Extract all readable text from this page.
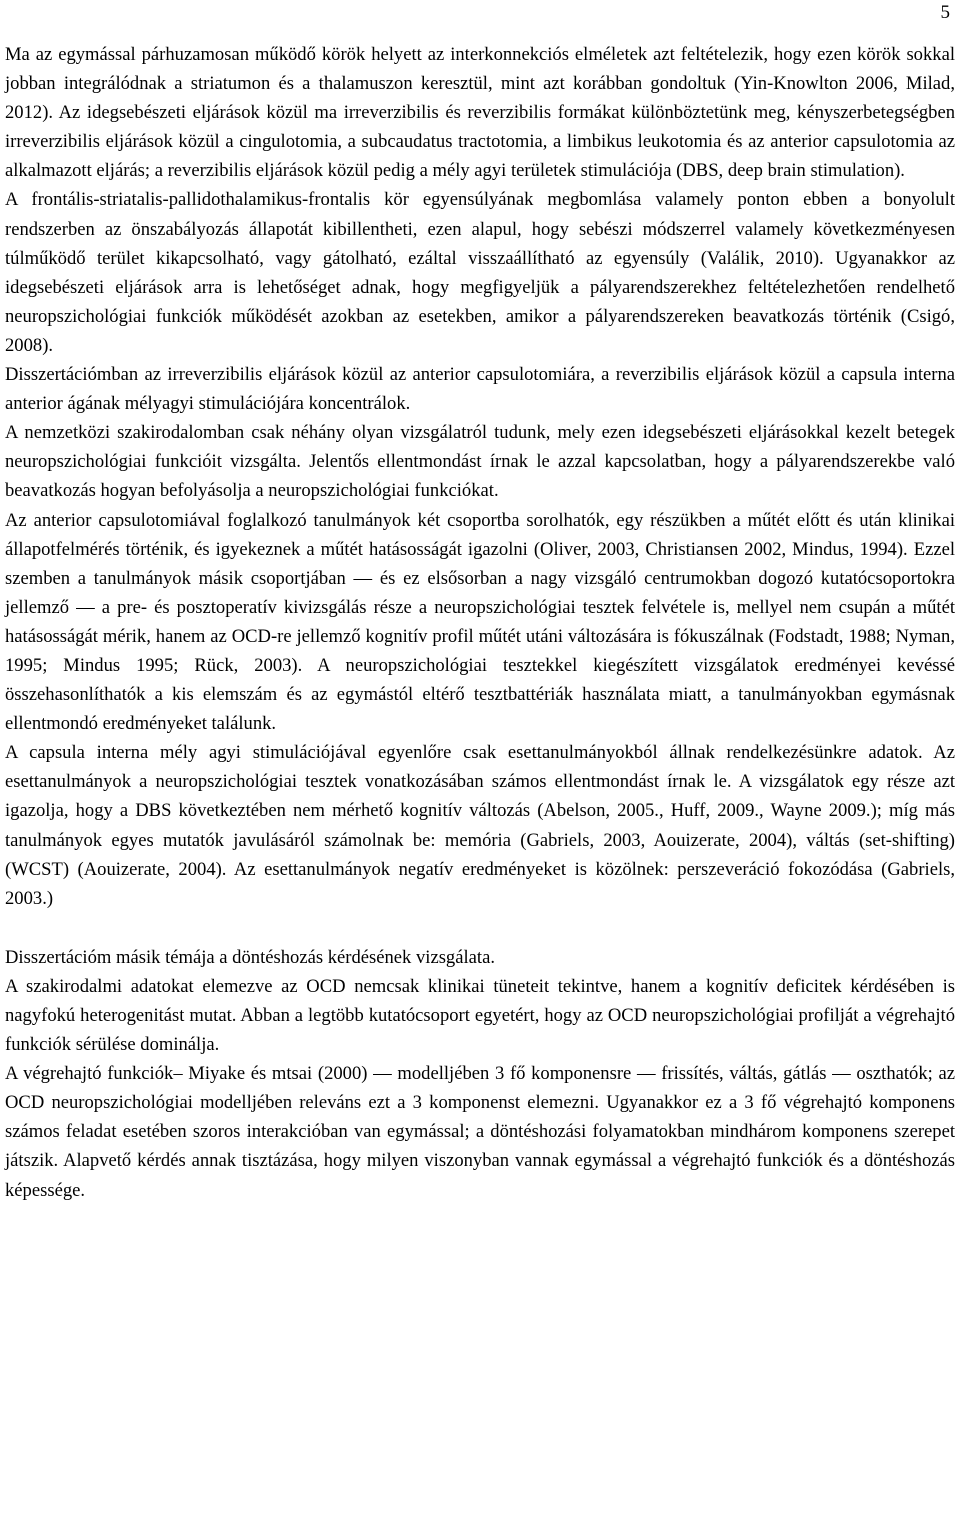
5

Ma az egymással párhuzamosan működő körök helyett az interkonnekciós elméletek azt feltételezik, hogy ezen körök sokkal jobban integrálódnak a striatumon és a thalamuszon keresztül, mint azt korábban gondoltuk (Yin-Knowlton 2006, Milad, 2012). Az idegsebészeti eljárások közül ma irreverzibilis és reverzibilis formákat különböztetünk meg, kényszerbetegségben irreverzibilis eljárások közül a cingulotomia, a subcaudatus tractotomia, a limbikus leukotomia és az anterior capsulotomia az alkalmazott eljárás; a reverzibilis eljárások közül pedig a mély agyi területek stimulációja (DBS, deep brain stimulation).

A frontális-striatalis-pallidothalamikus-frontalis kör egyensúlyának megbomlása valamely ponton ebben a bonyolult rendszerben az önszabályozás állapotát kibillentheti, ezen alapul, hogy sebészi módszerrel valamely következményesen túlműködő terület kikapcsolható, vagy gátolható, ezáltal visszaállítható az egyensúly (Valálik, 2010). Ugyanakkor az idegsebészeti eljárások arra is lehetőséget adnak, hogy megfigyeljük a pályarendszerekhez feltételezhetően rendelhető neuropszichológiai funkciók működését azokban az esetekben, amikor a pályarendszereken beavatkozás történik (Csigó, 2008).

Disszertációmban az irreverzibilis eljárások közül az anterior capsulotomiára, a reverzibilis eljárások közül a capsula interna anterior ágának mélyagyi stimulációjára koncentrálok.

A nemzetközi szakirodalomban csak néhány olyan vizsgálatról tudunk, mely ezen idegsebészeti eljárásokkal kezelt betegek neuropszichológiai funkcióit vizsgálta. Jelentős ellentmondást írnak le azzal kapcsolatban, hogy a pályarendszerekbe való beavatkozás hogyan befolyásolja a neuropszichológiai funkciókat.

Az anterior capsulotomiával foglalkozó tanulmányok két csoportba sorolhatók, egy részükben a műtét előtt és után klinikai állapotfelmérés történik, és igyekeznek a műtét hatásosságát igazolni (Oliver, 2003, Christiansen 2002, Mindus, 1994). Ezzel szemben a tanulmányok másik csoportjában — és ez elsősorban a nagy vizsgáló centrumokban dogozó kutatócsoportokra jellemző — a pre- és posztoperatív kivizsgálás része a neuropszichológiai tesztek felvétele is, mellyel nem csupán a műtét hatásosságát mérik, hanem az OCD-re jellemző kognitív profil műtét utáni változására is fókuszálnak (Fodstadt, 1988; Nyman, 1995; Mindus 1995; Rück, 2003). A neuropszichológiai tesztekkel kiegészített vizsgálatok eredményei kevéssé összehasonlíthatók a kis elemszám és az egymástól eltérő tesztbattériák használata miatt, a tanulmányokban egymásnak ellentmondó eredményeket találunk.

A capsula interna mély agyi stimulációjával egyenlőre csak esettanulmányokból állnak rendelkezésünkre adatok. Az esettanulmányok a neuropszichológiai tesztek vonatkozásában számos ellentmondást írnak le. A vizsgálatok egy része azt igazolja, hogy a DBS következtében nem mérhető kognitív változás (Abelson, 2005., Huff, 2009., Wayne 2009.); míg más tanulmányok egyes mutatók javulásáról számolnak be: memória (Gabriels, 2003, Aouizerate, 2004), váltás (set-shifting) (WCST) (Aouizerate, 2004). Az esettanulmányok negatív eredményeket is közölnek: perszeveráció fokozódása (Gabriels, 2003.)

Disszertációm másik témája a döntéshozás kérdésének vizsgálata.

A szakirodalmi adatokat elemezve az OCD nemcsak klinikai tüneteit tekintve, hanem a kognitív deficitek kérdésében is nagyfokú heterogenitást mutat. Abban a legtöbb kutatócsoport egyetért, hogy az OCD neuropszichológiai profilját a végrehajtó funkciók sérülése dominálja.

A végrehajtó funkciók– Miyake és mtsai (2000) — modelljében 3 fő komponensre — frissítés, váltás, gátlás — oszthatók; az OCD neuropszichológiai modelljében releváns ezt a 3 komponenst elemezni. Ugyanakkor ez a 3 fő végrehajtó komponens számos feladat esetében szoros interakcióban van egymással; a döntéshozási folyamatokban mindhárom komponens szerepet játszik. Alapvető kérdés annak tisztázása, hogy milyen viszonyban vannak egymással a végrehajtó funkciók és a döntéshozás képessége.
